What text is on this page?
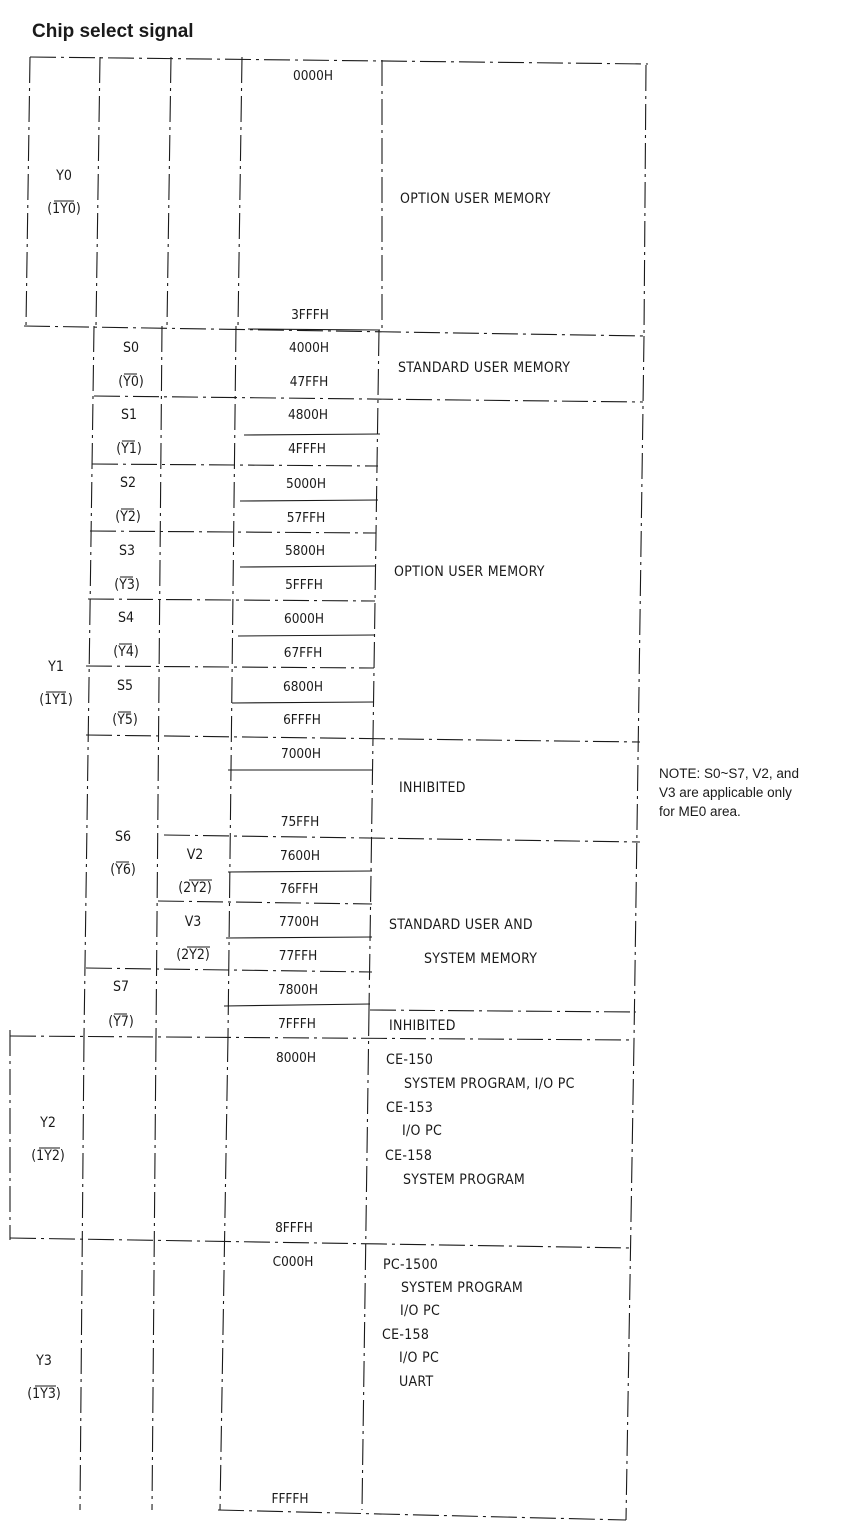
Chip select signal
Y0
(1Y0)
Y1
(1Y1)
Y2
(1Y2)
Y3
(1Y3)
S0
(Y0)
S1
(Y1)
S2
(Y2)
S3
(Y3)
S4
(Y4)
S5
(Y5)
S6
(Y6)
S7
(Y7)
V2
(2Y2)
V3
(2Y2)
0000H
3FFFH
4000H
47FFH
4800H
4FFFH
5000H
57FFH
5800H
5FFFH
6000H
67FFH
6800H
6FFFH
7000H
75FFH
7600H
76FFH
7700H
77FFH
7800H
7FFFH
8000H
8FFFH
C000H
FFFFH
OPTION USER MEMORY
STANDARD USER MEMORY
OPTION USER MEMORY
INHIBITED
STANDARD USER AND
SYSTEM MEMORY
INHIBITED
CE-150
SYSTEM PROGRAM, I/O PC
CE-153
I/O PC
CE-158
SYSTEM PROGRAM
PC-1500
SYSTEM PROGRAM
I/O PC
CE-158
I/O PC
UART
NOTE: S0~S7, V2, and
V3 are applicable only
for ME0 area.
